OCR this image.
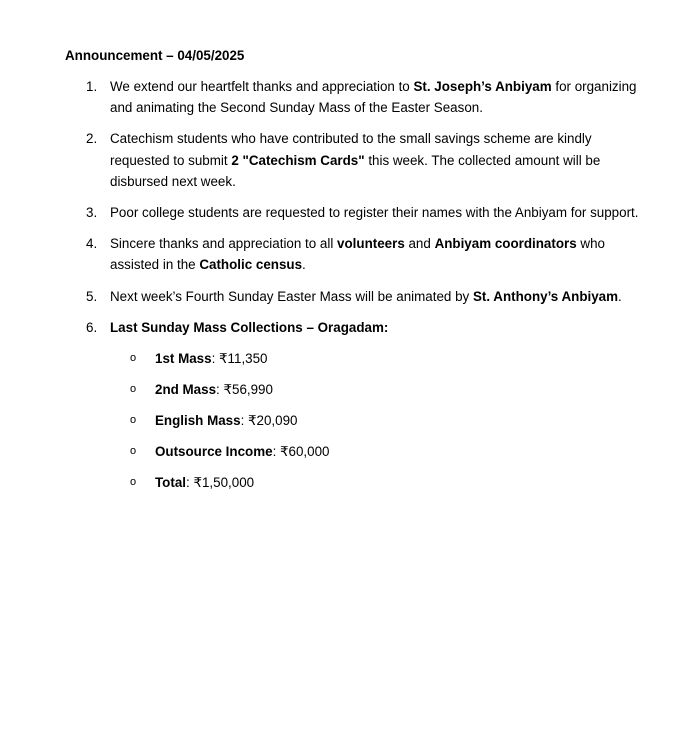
Announcement – 04/05/2025
1. We extend our heartfelt thanks and appreciation to St. Joseph’s Anbiyam for organizing and animating the Second Sunday Mass of the Easter Season.
2. Catechism students who have contributed to the small savings scheme are kindly requested to submit 2 "Catechism Cards" this week. The collected amount will be disbursed next week.
3. Poor college students are requested to register their names with the Anbiyam for support.
4. Sincere thanks and appreciation to all volunteers and Anbiyam coordinators who assisted in the Catholic census.
5. Next week’s Fourth Sunday Easter Mass will be animated by St. Anthony’s Anbiyam.
6. Last Sunday Mass Collections – Oragadam:
o 1st Mass: ₹11,350
o 2nd Mass: ₹56,990
o English Mass: ₹20,090
o Outsource Income: ₹60,000
o Total: ₹1,50,000
